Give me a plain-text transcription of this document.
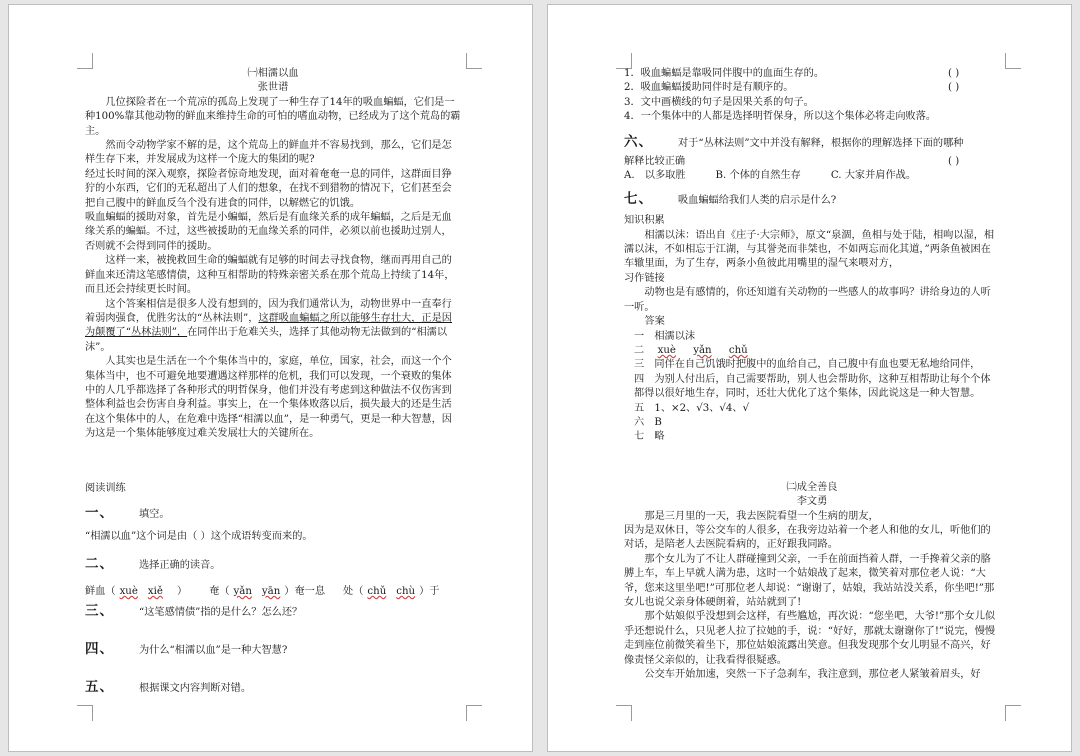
㈠相濡以血
张世谱

几位探险者在一个荒凉的孤岛上发现了一种生存了14年的吸血蝙蝠，它们是一种100%靠其他动物的鲜血来维持生命的可怕的嗜血动物，已经成为了这个荒岛的霸主。

然而令动物学家不解的是，这个荒岛上的鲜血并不容易找到，那么，它们是怎样生存下来，并发展成为这样一个庞大的集团的呢?

经过长时间的深入观察，探险者惊奇地发现，面对着奄奄一息的同伴，这群面目狰狞的小东西，它们的无私超出了人们的想象，在找不到猎物的情况下，它们甚至会把自己腹中的鲜血反刍个没有进食的同伴，以解燃它的饥饿。

吸血蝙蝠的援助对象，首先是小蝙蝠，然后是有血缘关系的成年蝙蝠，之后是无血缘关系的蝙蝠。不过，这些被援助的无血缘关系的同伴，必须以前也援助过别人，否则就不会得到同伴的援助。

这样一来，被挽救回生命的蝙蝠就有足够的时间去寻找食物，继而再用自己的鲜血来还清这笔感情债，这种互相帮助的特殊亲密关系在那个荒岛上持续了14年，而且还会持续更长时间。

这个答案相信是很多人没有想到的，因为我们通常认为，动物世界中一直奉行着弱肉强食，优胜劣汰的“丛林法则”，这群吸血蝙蝠之所以能够生存壮大，正是因为颠覆了“丛林法则”，在同伴出于危难关头，选择了其他动物无法做到的“相濡以沫”。

人其实也是生活在一个个集体当中的，家庭，单位，国家，社会，而这一个个集体当中，也不可避免地要遭遇这样那样的危机，我们可以发现，一个衰败的集体中的人几乎都选择了各种形式的明哲保身，他们并没有考虑到这种做法不仅伤害到整体利益也会伤害自身利益。事实上，在一个集体败落以后，损失最大的还是生活在这个集体中的人，在危难中选择“相濡以血”，是一种勇气，更是一种大智慧，因为这是一个集体能够度过难关发展壮大的关键所在。

阅读训练
一、	填空。
“相濡以血”这个词是由（ ）这个成语转变而来的。
二、	选择正确的读音。
鲜血（ xuè xiě ） 奄（ yǎn yān ）奄一息 处（ chǔ chù ）于
三、	“这笔感情债”指的是什么？怎么还？
四、	为什么“相濡以血”是一种大智慧?
五、	根据课文内容判断对错。
1．吸血蝙蝠是靠吸同伴腹中的血面生存的。	( )
2．吸血蝙蝠援助同伴时是有顺序的。	( )
3．文中画横线的句子是因果关系的句子。
4．一个集体中的人都是选择明哲保身，所以这个集体必将走向败落。
六、	对于“丛林法则”文中并没有解释，根据你的理解选择下面的哪种
解释比较正确	( )
A.　以多取胜	B. 个体的自然生存	C. 大家并肩作战。
七、	吸血蝙蝠给我们人类的启示是什么?
知识积累

相濡以沫：语出自《庄子·大宗师》，原文“泉涸，鱼相与处于陆，相呴以湿，相濡以沫，不如相忘于江湖，与其誉尧而非桀也，不如两忘而化其道，”两条鱼被困在车辙里面，为了生存，两条小鱼彼此用嘴里的湿气来喂对方，

习作链接

动物也是有感情的，你还知道有关动物的一些感人的故事吗？讲给身边的人听一听。

答案
一　相濡以沫
二　 xuè yǎn chǔ
三　同伴在自己饥饿时把腹中的血给自己，自己腹中有血也要无私地给同伴，
四　为别人付出后，自己需要帮助，别人也会帮助你，这种互相帮助让每个个体都得以很好地生存，同时，还壮大优化了这个集体，因此说这是一种大智慧。
五　1、×2、√3、√4、√
六　B
七　略
㈡成全善良
李文勇

那是三月里的一天，我去医院看望一个生病的朋友，

因为是双休日，等公交车的人很多，在我旁边站着一个老人和他的女儿，听他们的对话，是陪老人去医院看病的，正好跟我同路。

那个女儿为了不让人群碰撞到父亲，一手在前面挡着人群，一手搀着父亲的胳膊上车，车上早就人满为患，这时一个姑娘战了起来，微笑着对那位老人说：“大爷，您来这里坐吧!”可那位老人却说：“谢谢了，姑娘，我站站没关系，你坐吧!”那女儿也说父亲身体硬朗着，站站就到了!

那个姑娘似乎没想到会这样，有些尴尬，再次说：“您坐吧，大爷!”那个女儿似乎还想说什么，只见老人拉了拉她的手，说：“好好，那就太谢谢你了!”说完，慢慢走到座位前微笑着坐下，那位姑娘流露出笑意。但我发现那个女儿明显不高兴，好像责怪父亲似的，让我看得很疑惑。

公交车开始加速，突然一下子急刹车，我注意到，那位老人紧皱着眉头，好
